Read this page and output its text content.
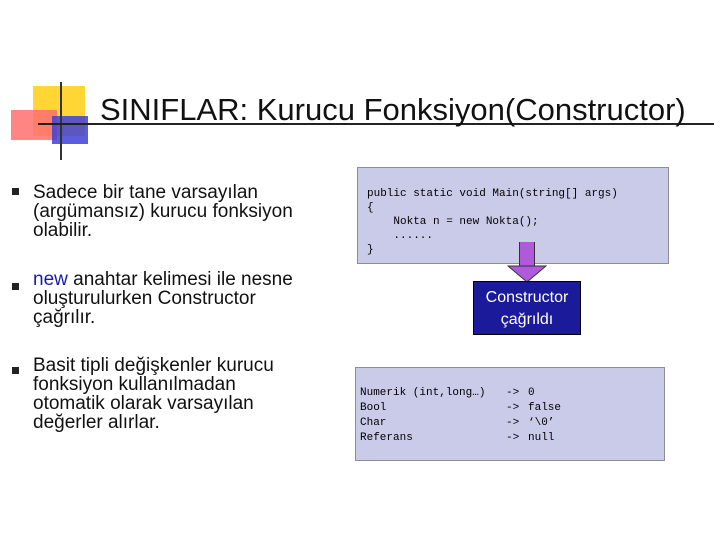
SINIFLAR: Kurucu Fonksiyon(Constructor)
Sadece bir tane varsayılan (argümansız) kurucu fonksiyon olabilir.
new anahtar kelimesi ile nesne oluşturulurken Constructor çağrılır.
Basit tipli değişkenler kurucu fonksiyon kullanılmadan otomatik olarak varsayılan değerler alırlar.
public static void Main(string[] args)
{
Nokta n = new Nokta();
......
}
Constructor
çağrıldı
Numerik (int,long…) -> 0
Bool	-> false
Char	-> ‘\0’
Referans	-> null
